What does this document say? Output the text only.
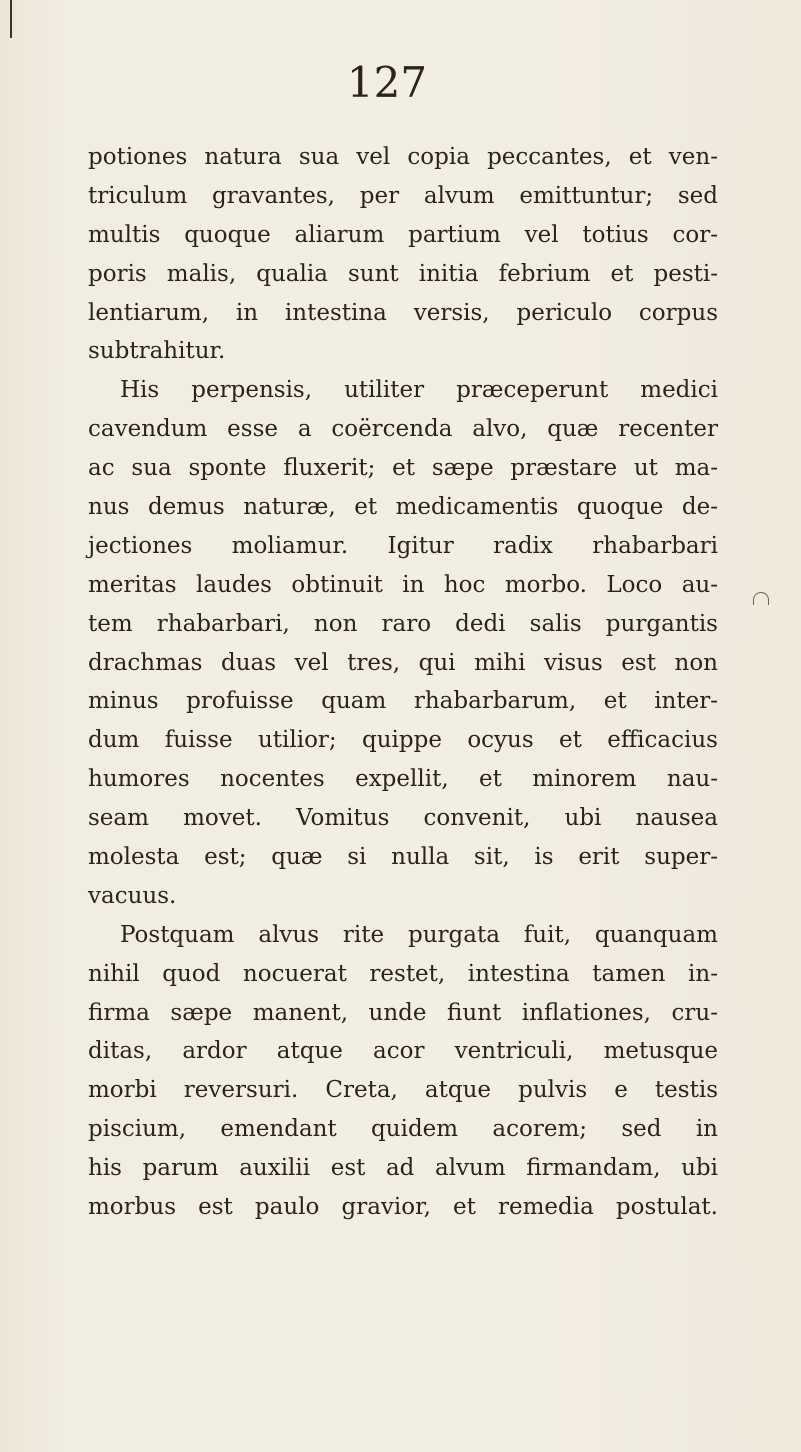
127
potiones natura sua vel copia peccantes, et ven-
triculum gravantes, per alvum emittuntur; sed
multis quoque aliarum partium vel totius cor-
poris malis, qualia sunt initia febrium et pesti-
lentiarum, in intestina versis, periculo corpus
subtrahitur.
His perpensis, utiliter præceperunt medici
cavendum esse a coërcenda alvo, quæ recenter
ac sua sponte fluxerit; et sæpe præstare ut ma-
nus demus naturæ, et medicamentis quoque de-
jectiones moliamur. Igitur radix rhabarbari
meritas laudes obtinuit in hoc morbo. Loco au-
tem rhabarbari, non raro dedi salis purgantis
drachmas duas vel tres, qui mihi visus est non
minus profuisse quam rhabarbarum, et inter-
dum fuisse utilior; quippe ocyus et efficacius
humores nocentes expellit, et minorem nau-
seam movet. Vomitus convenit, ubi nausea
molesta est; quæ si nulla sit, is erit super-
vacuus.
Postquam alvus rite purgata fuit, quanquam
nihil quod nocuerat restet, intestina tamen in-
firma sæpe manent, unde fiunt inflationes, cru-
ditas, ardor atque acor ventriculi, metusque
morbi reversuri. Creta, atque pulvis e testis
piscium, emendant quidem acorem; sed in
his parum auxilii est ad alvum firmandam, ubi
morbus est paulo gravior, et remedia postulat.
